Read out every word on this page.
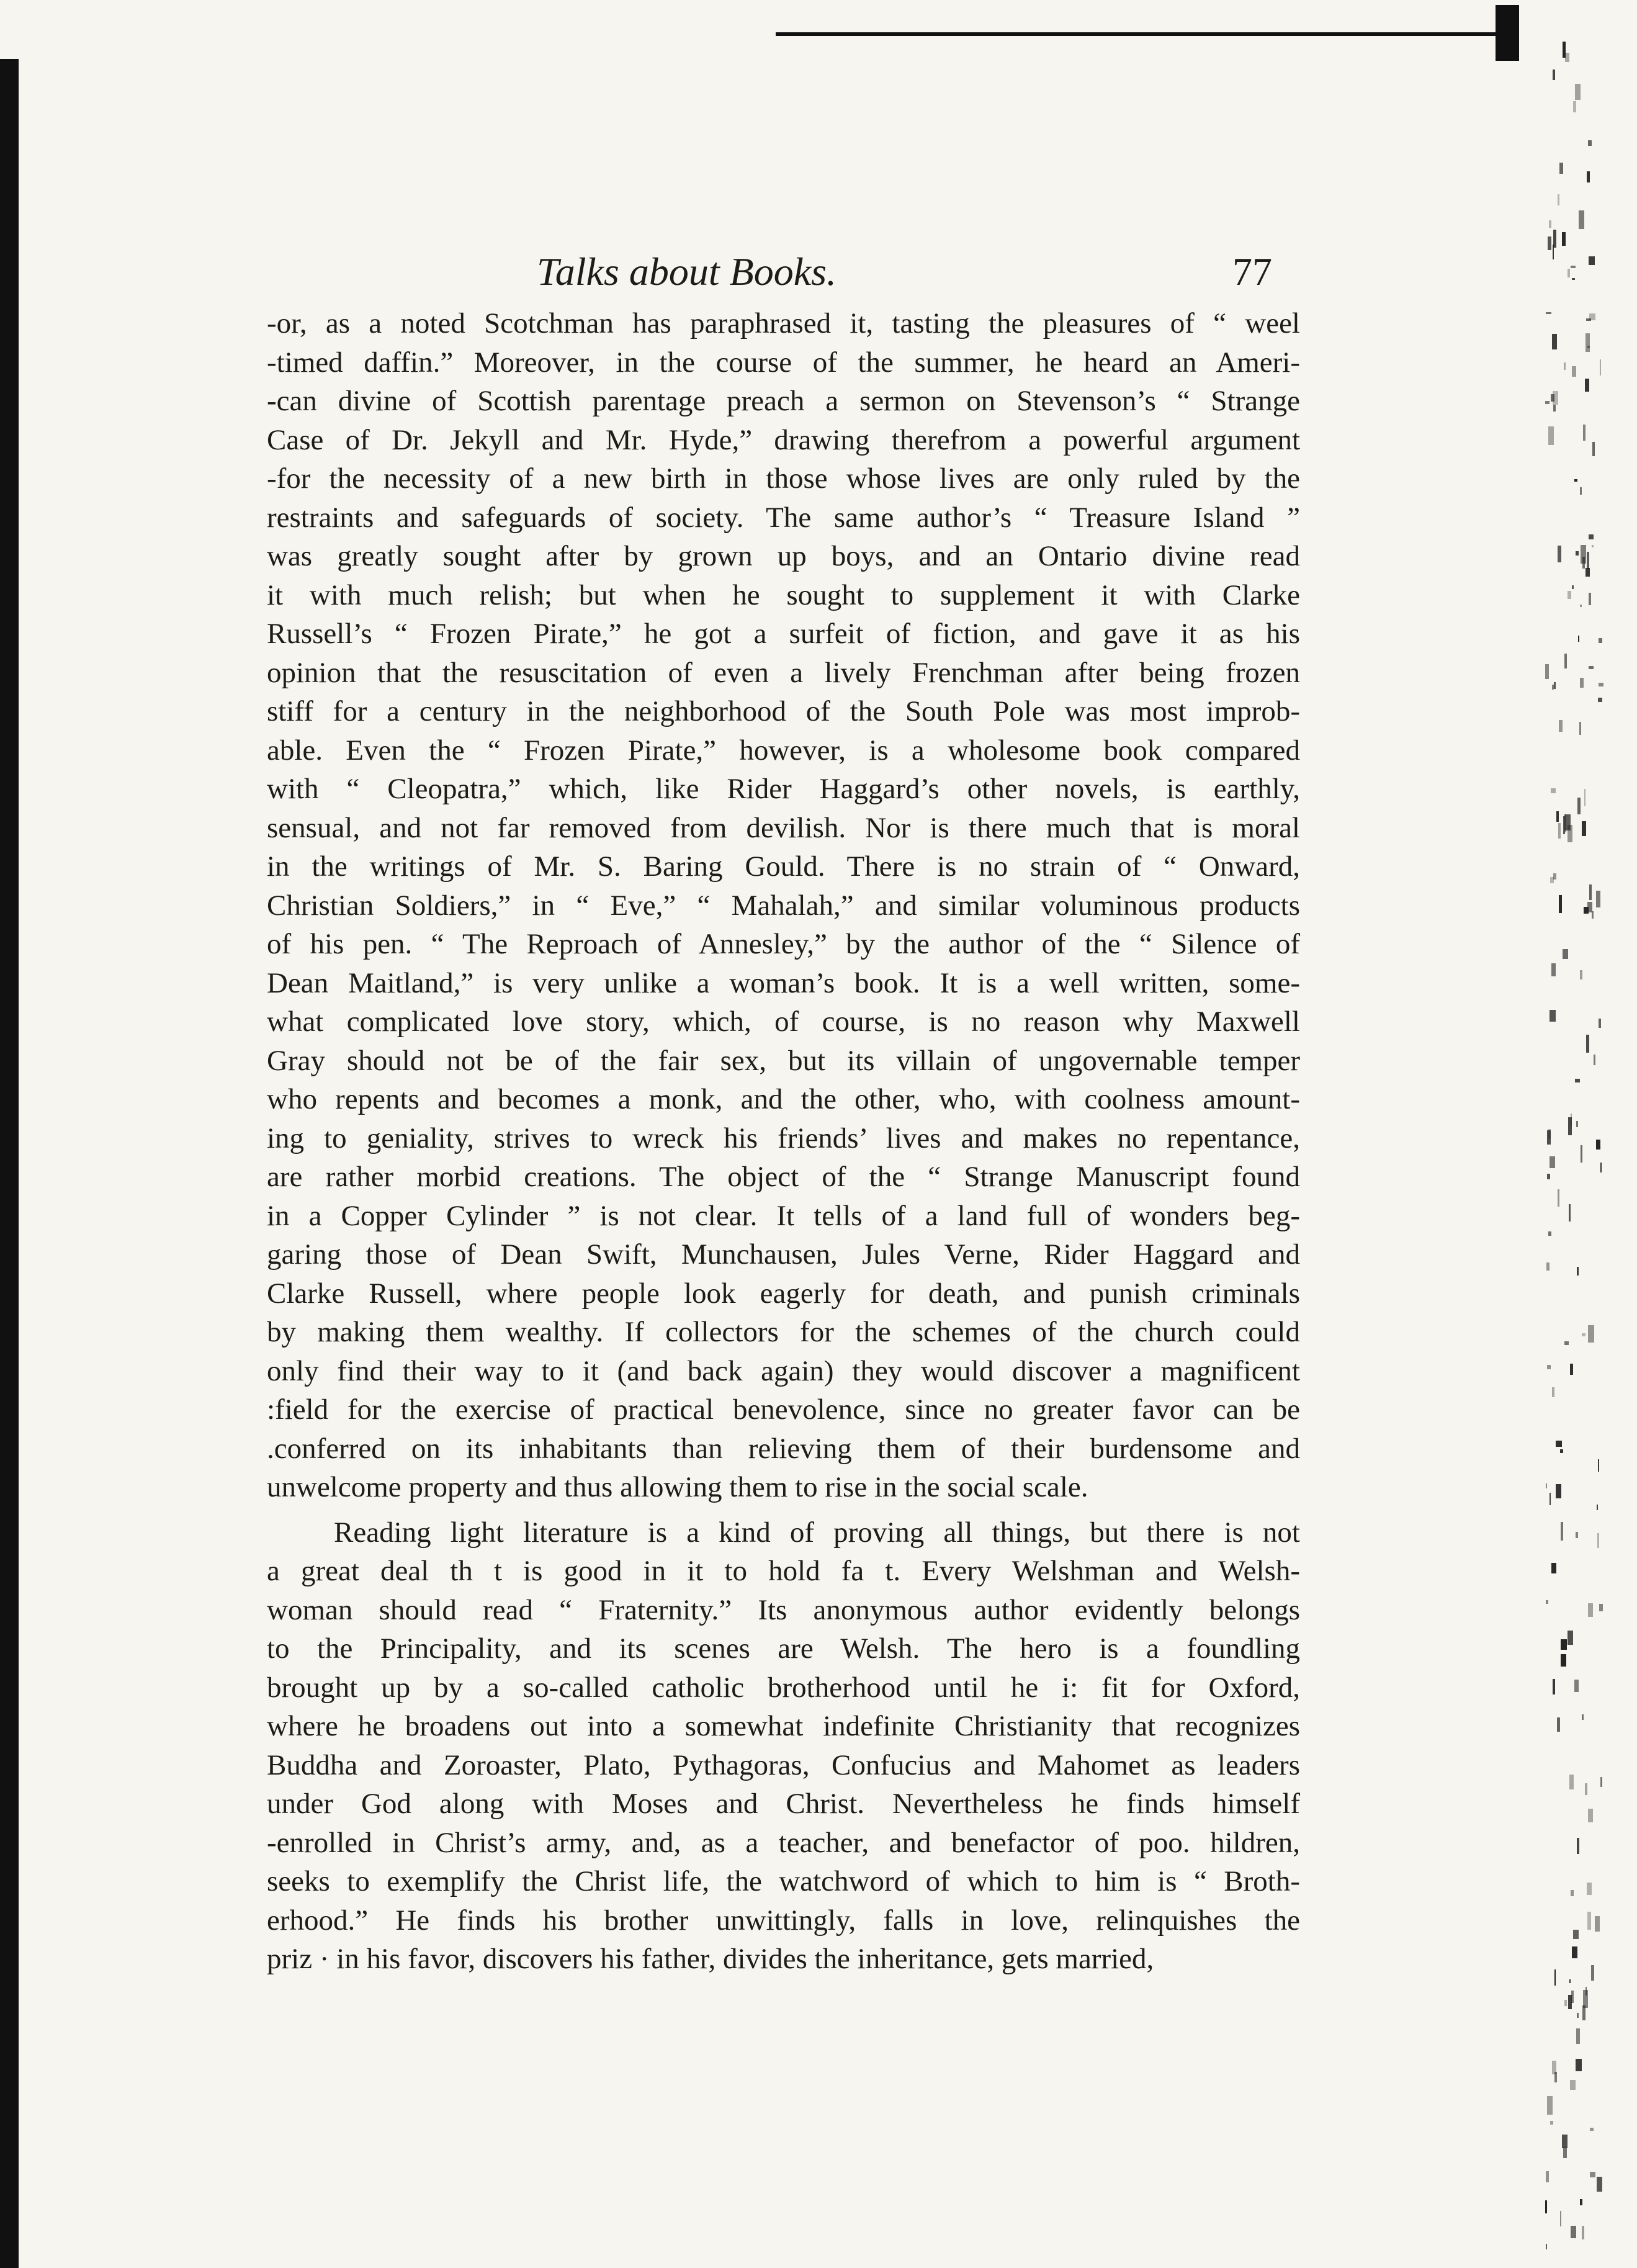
Talks about Books.	77
-or, as a noted Scotchman has paraphrased it, tasting the pleasures of “ weel
-timed daffin.” Moreover, in the course of the summer, he heard an Ameri-
-can divine of Scottish parentage preach a sermon on Stevenson’s “ Strange
Case of Dr. Jekyll and Mr. Hyde,” drawing therefrom a powerful argument
-for the necessity of a new birth in those whose lives are only ruled by the
restraints and safeguards of society. The same author’s “ Treasure Island ”
was greatly sought after by grown up boys, and an Ontario divine read
it with much relish; but when he sought to supplement it with Clarke
Russell’s “ Frozen Pirate,” he got a surfeit of fiction, and gave it as his
opinion that the resuscitation of even a lively Frenchman after being frozen
stiff for a century in the neighborhood of the South Pole was most improb-
able. Even the “ Frozen Pirate,” however, is a wholesome book compared
with “ Cleopatra,” which, like Rider Haggard’s other novels, is earthly,
sensual, and not far removed from devilish. Nor is there much that is moral
in the writings of Mr. S. Baring Gould. There is no strain of “ Onward,
Christian Soldiers,” in “ Eve,” “ Mahalah,” and similar voluminous products
of his pen. “ The Reproach of Annesley,” by the author of the “ Silence of
Dean Maitland,” is very unlike a woman’s book. It is a well written, some-
what complicated love story, which, of course, is no reason why Maxwell
Gray should not be of the fair sex, but its villain of ungovernable temper
who repents and becomes a monk, and the other, who, with coolness amount-
ing to geniality, strives to wreck his friends’ lives and makes no repentance,
are rather morbid creations. The object of the “ Strange Manuscript found
in a Copper Cylinder ” is not clear. It tells of a land full of wonders beg-
garing those of Dean Swift, Munchausen, Jules Verne, Rider Haggard and
Clarke Russell, where people look eagerly for death, and punish criminals
by making them wealthy. If collectors for the schemes of the church could
only find their way to it (and back again) they would discover a magnificent
:field for the exercise of practical benevolence, since no greater favor can be
.conferred on its inhabitants than relieving them of their burdensome and
unwelcome property and thus allowing them to rise in the social scale.
Reading light literature is a kind of proving all things, but there is not
a great deal th t is good in it to hold fa t. Every Welshman and Welsh-
woman should read “ Fraternity.” Its anonymous author evidently belongs
to the Principality, and its scenes are Welsh. The hero is a foundling
brought up by a so-called catholic brotherhood until he i: fit for Oxford,
where he broadens out into a somewhat indefinite Christianity that recognizes
Buddha and Zoroaster, Plato, Pythagoras, Confucius and Mahomet as leaders
under God along with Moses and Christ. Nevertheless he finds himself
-enrolled in Christ’s army, and, as a teacher, and benefactor of poo. hildren,
seeks to exemplify the Christ life, the watchword of which to him is “ Broth-
erhood.” He finds his brother unwittingly, falls in love, relinquishes the
priz · in his favor, discovers his father, divides the inheritance, gets married,
